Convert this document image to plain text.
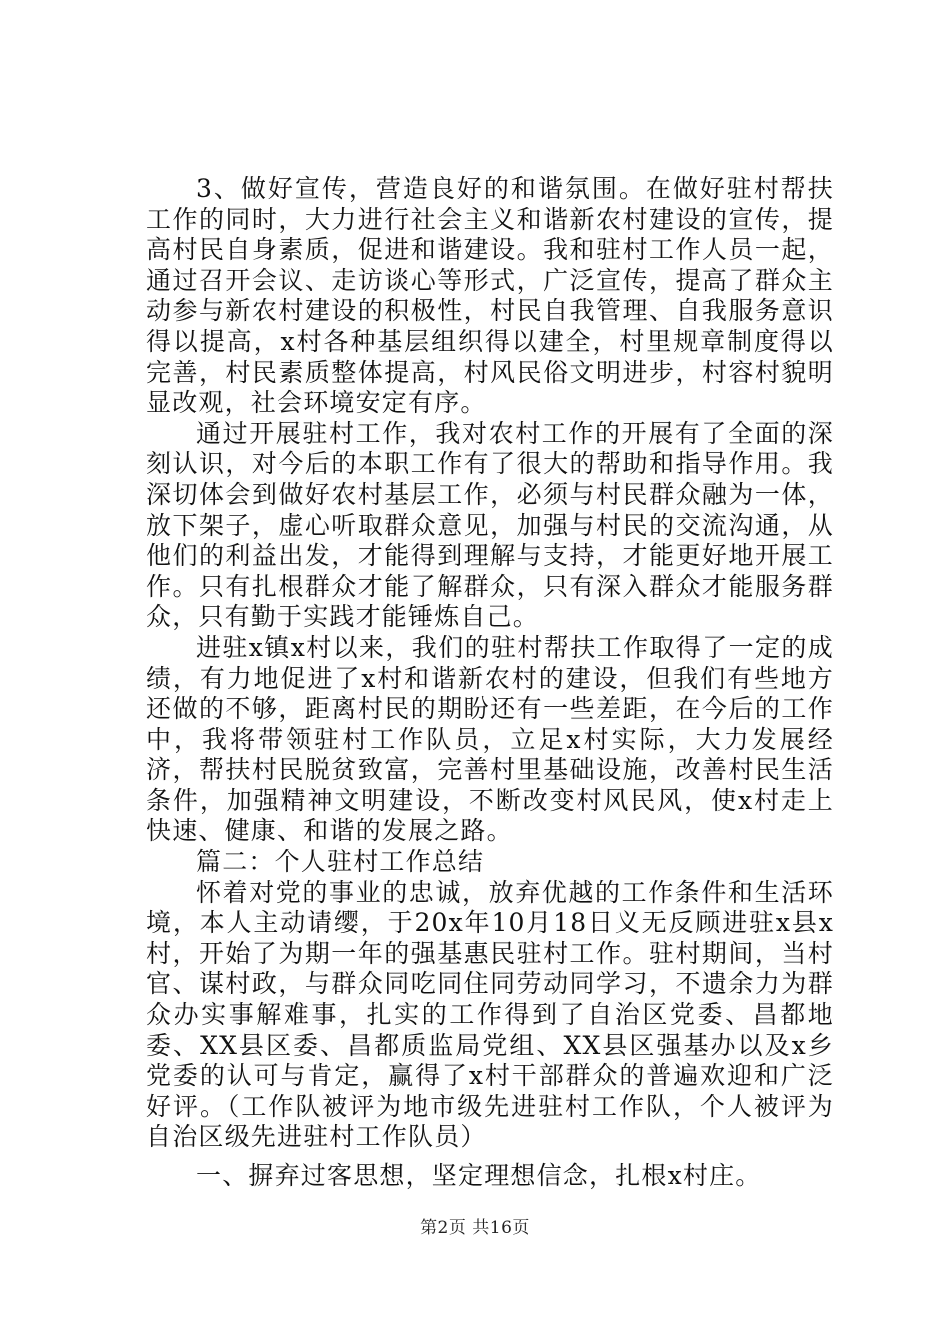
3、做好宣传，营造良好的和谐氛围。在做好驻村帮扶工作的同时，大力进行社会主义和谐新农村建设的宣传，提高村民自身素质，促进和谐建设。我和驻村工作人员一起，通过召开会议、走访谈心等形式，广泛宣传，提高了群众主动参与新农村建设的积极性，村民自我管理、自我服务意识得以提高，x村各种基层组织得以建全，村里规章制度得以完善，村民素质整体提高，村风民俗文明进步，村容村貌明显改观，社会环境安定有序。

通过开展驻村工作，我对农村工作的开展有了全面的深刻认识，对今后的本职工作有了很大的帮助和指导作用。我深切体会到做好农村基层工作，必须与村民群众融为一体，放下架子，虚心听取群众意见，加强与村民的交流沟通，从他们的利益出发，才能得到理解与支持，才能更好地开展工作。只有扎根群众才能了解群众，只有深入群众才能服务群众，只有勤于实践才能锤炼自己。

进驻x镇x村以来，我们的驻村帮扶工作取得了一定的成绩，有力地促进了x村和谐新农村的建设，但我们有些地方还做的不够，距离村民的期盼还有一些差距，在今后的工作中，我将带领驻村工作队员，立足x村实际，大力发展经济，帮扶村民脱贫致富，完善村里基础设施，改善村民生活条件，加强精神文明建设，不断改变村风民风，使x村走上快速、健康、和谐的发展之路。

篇二：个人驻村工作总结

怀着对党的事业的忠诚，放弃优越的工作条件和生活环境，本人主动请缨，于20x年10月18日义无反顾进驻x县x村，开始了为期一年的强基惠民驻村工作。驻村期间，当村官、谋村政，与群众同吃同住同劳动同学习，不遗余力为群众办实事解难事，扎实的工作得到了自治区党委、昌都地委、XX县区委、昌都质监局党组、XX县区强基办以及x乡党委的认可与肯定，赢得了x村干部群众的普遍欢迎和广泛好评。（工作队被评为地市级先进驻村工作队，个人被评为自治区级先进驻村工作队员）

一、摒弃过客思想，坚定理想信念，扎根x村庄。

第2页 共16页
